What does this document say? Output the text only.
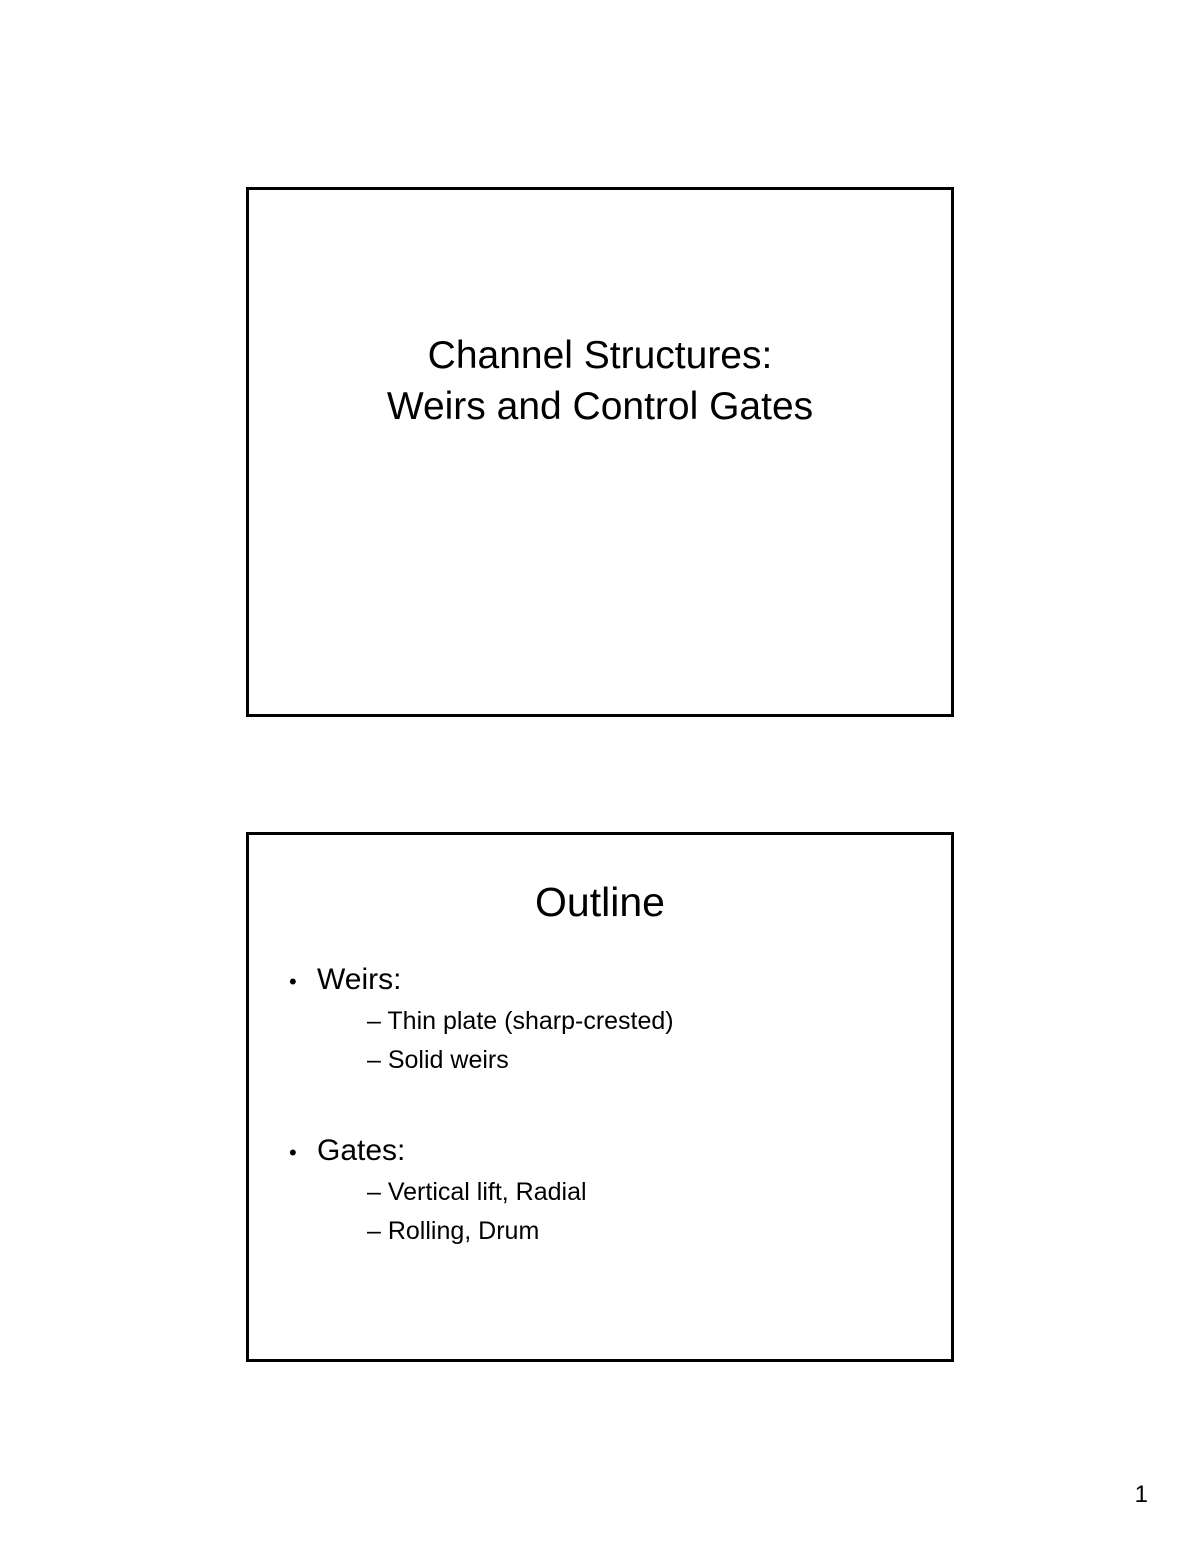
Channel Structures:
Weirs and Control Gates
Outline
• Weirs:
– Thin plate (sharp-crested)
– Solid weirs
• Gates:
– Vertical lift, Radial
– Rolling, Drum
1
